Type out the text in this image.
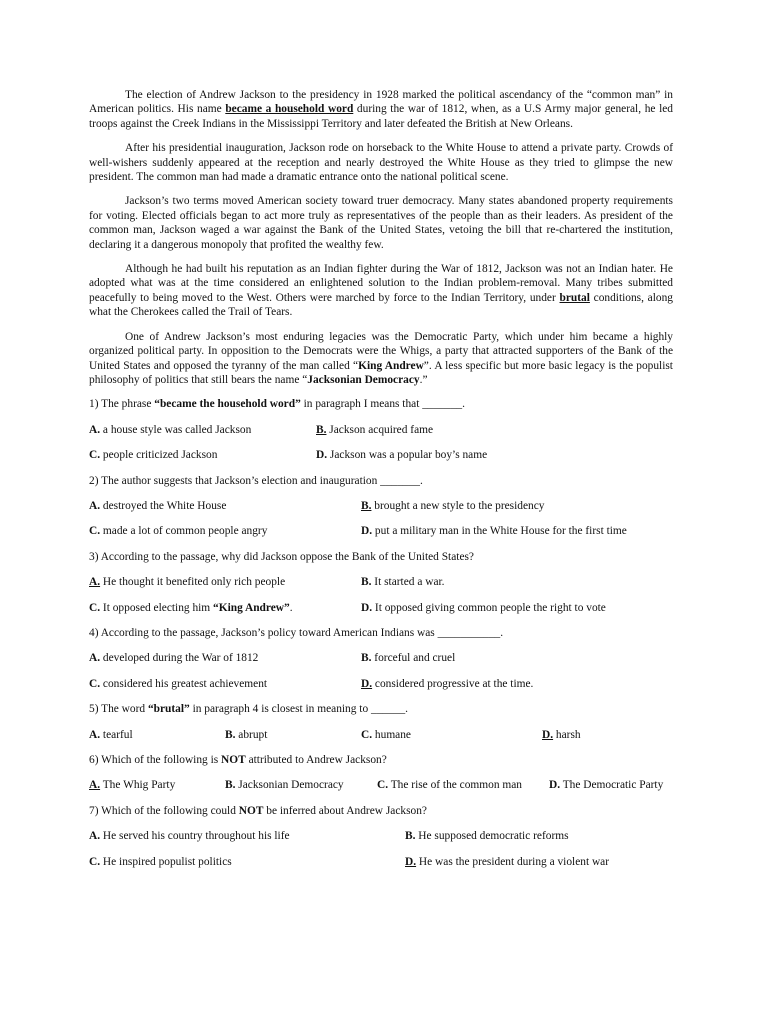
The election of Andrew Jackson to the presidency in 1928 marked the political ascendancy of the “common man” in American politics. His name became a household word during the war of 1812, when, as a U.S Army major general, he led troops against the Creek Indians in the Mississippi Territory and later defeated the British at New Orleans.

After his presidential inauguration, Jackson rode on horseback to the White House to attend a private party. Crowds of well-wishers suddenly appeared at the reception and nearly destroyed the White House as they tried to glimpse the new president. The common man had made a dramatic entrance onto the national political scene.

Jackson’s two terms moved American society toward truer democracy. Many states abandoned property requirements for voting. Elected officials began to act more truly as representatives of the people than as their leaders. As president of the common man, Jackson waged a war against the Bank of the United States, vetoing the bill that re-chartered the institution, declaring it a dangerous monopoly that profited the wealthy few.

Although he had built his reputation as an Indian fighter during the War of 1812, Jackson was not an Indian hater. He adopted what was at the time considered an enlightened solution to the Indian problem-removal. Many tribes submitted peacefully to being moved to the West. Others were marched by force to the Indian Territory, under brutal conditions, along what the Cherokees called the Trail of Tears.

One of Andrew Jackson’s most enduring legacies was the Democratic Party, which under him became a highly organized political party. In opposition to the Democrats were the Whigs, a party that attracted supporters of the Bank of the United States and opposed the tyranny of the man called “King Andrew”. A less specific but more basic legacy is the populist philosophy of politics that still bears the name “Jacksonian Democracy.”

1) The phrase “became the household word” in paragraph I means that _______.
A. a house style was called Jackson	B. Jackson acquired fame
C. people criticized Jackson	D. Jackson was a popular boy’s name
2) The author suggests that Jackson’s election and inauguration _______.
A. destroyed the White House	B. brought a new style to the presidency
C. made a lot of common people angry	D. put a military man in the White House for the first time
3) According to the passage, why did Jackson oppose the Bank of the United States?
A. He thought it benefited only rich people	B. It started a war.
C. It opposed electing him “King Andrew”.	D. It opposed giving common people the right to vote
4) According to the passage, Jackson’s policy toward American Indians was ___________.
A. developed during the War of 1812	B. forceful and cruel
C. considered his greatest achievement	D. considered progressive at the time.
5) The word “brutal” in paragraph 4 is closest in meaning to ______.
A. tearful	B. abrupt	C. humane	D. harsh
6) Which of the following is NOT attributed to Andrew Jackson?
A. The Whig Party	B. Jacksonian Democracy	C. The rise of the common man	D. The Democratic Party
7) Which of the following could NOT be inferred about Andrew Jackson?
A. He served his country throughout his life	B. He supposed democratic reforms
C. He inspired populist politics	D. He was the president during a violent war
